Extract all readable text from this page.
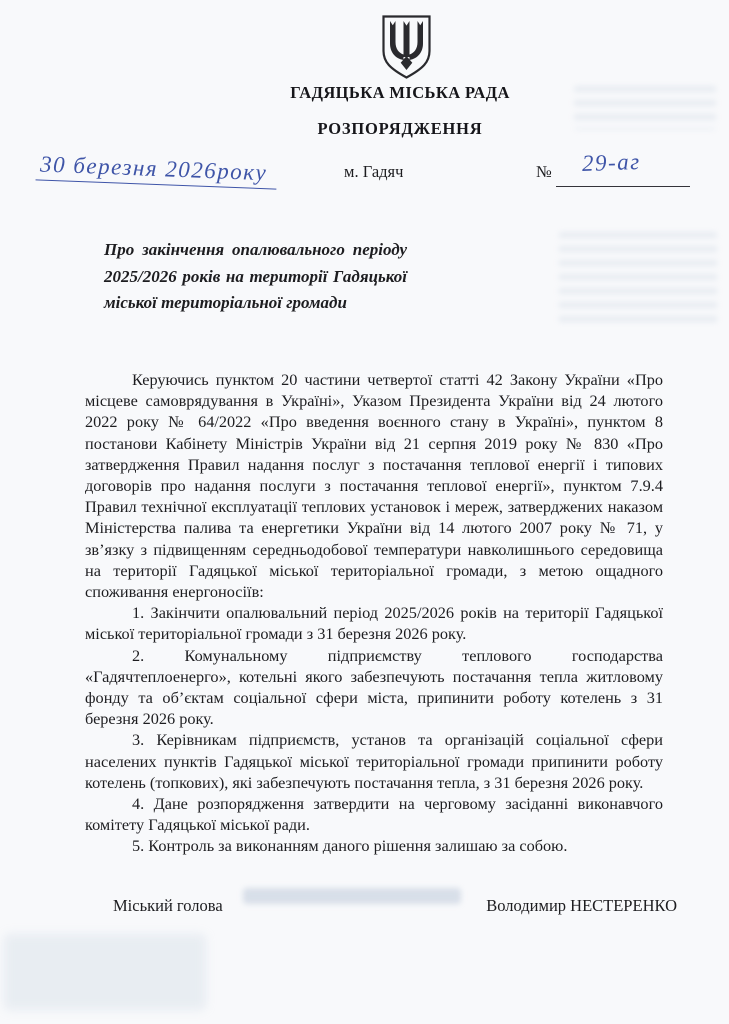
ГАДЯЦЬКА МІСЬКА РАДА
РОЗПОРЯДЖЕННЯ
30 березня 2026року	м. Гадяч	№ 29-аг
Про закінчення опалювального періоду 2025/2026 років на території Гадяцької міської територіальної громади

Керуючись пунктом 20 частини четвертої статті 42 Закону України «Про місцеве самоврядування в Україні», Указом Президента України від 24 лютого 2022 року № 64/2022 «Про введення воєнного стану в Україні», пунктом 8 постанови Кабінету Міністрів України від 21 серпня 2019 року № 830 «Про затвердження Правил надання послуг з постачання теплової енергії і типових договорів про надання послуги з постачання теплової енергії», пунктом 7.9.4 Правил технічної експлуатації теплових установок і мереж, затверджених наказом Міністерства палива та енергетики України від 14 лютого 2007 року № 71, у зв’язку з підвищенням середньодобової температури навколишнього середовища на території Гадяцької міської територіальної громади, з метою ощадного споживання енергоносіїв:

1. Закінчити опалювальний період 2025/2026 років на території Гадяцької міської територіальної громади з 31 березня 2026 року.

2. Комунальному підприємству теплового господарства «Гадячтеплоенерго», котельні якого забезпечують постачання тепла житловому фонду та об’єктам соціальної сфери міста, припинити роботу котелень з 31 березня 2026 року.

3. Керівникам підприємств, установ та організацій соціальної сфери населених пунктів Гадяцької міської територіальної громади припинити роботу котелень (топкових), які забезпечують постачання тепла, з 31 березня 2026 року.

4. Дане розпорядження затвердити на черговому засіданні виконавчого комітету Гадяцької міської ради.

5. Контроль за виконанням даного рішення залишаю за собою.

Міський голова	Володимир НЕСТЕРЕНКО
